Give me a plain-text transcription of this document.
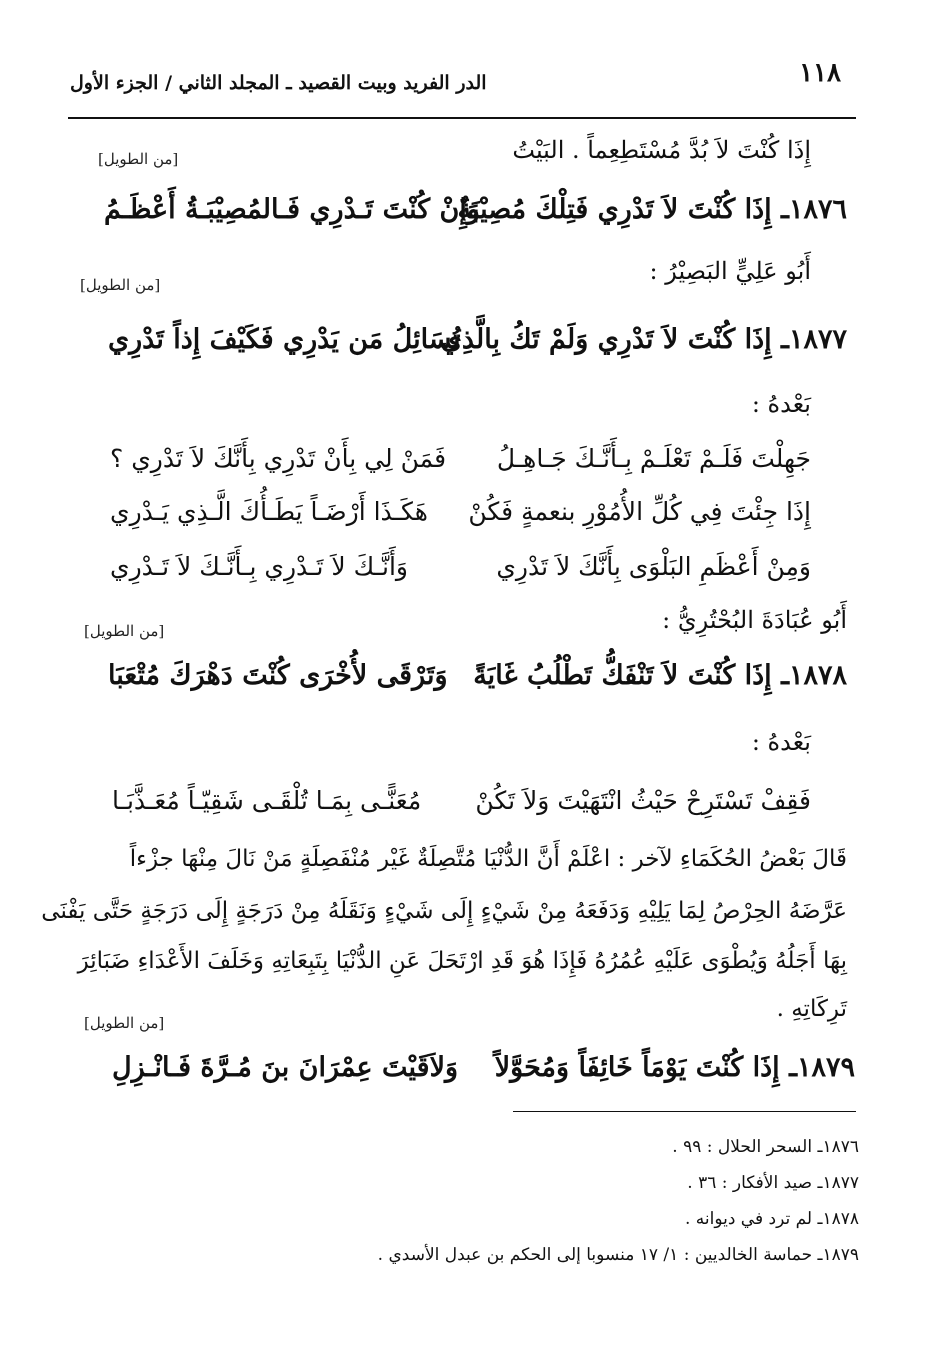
١١٨
الدر الفريد وبيت القصيد ـ المجلد الثاني / الجزء الأول
إِذَا كُنْتَ لاَ بُدَّ مُسْتَطِعِماً . البَيْتُ
[من الطويل]
١٨٧٦ـ إِذَا كُنْتَ لاَ تَدْرِي فَتِلْكَ مُصِيْبَةٌ
وَإِنْ كُنْتَ تَـدْرِي فَـالمُصِيْبَـةُ أَعْظَـمُ
أَبُو عَلِيٍّ البَصِيْرُ :
[من الطويل]
١٨٧٧ـ إِذَا كُنْتَ لاَ تَدْرِي وَلَمْ تَكُ بِالَّذِي
تُسَائِلُ مَن يَدْرِي فَكَيْفَ إِذاً تَدْرِي
بَعْدهُ :
جَهِلْتَ فَلَـمْ تَعْلَـمْ بِـأَنَّـكَ جَـاهِـلُ
فَمَنْ لِي بِأَنْ تَدْرِي بِأَنَّكَ لاَ تَدْرِي ؟
إِذَا جِئْتَ فِي كُلِّ الأُمُوْرِ بنعمةٍ فَكُنْ
هَكَـذَا أَرْضَـاً يَطَـأُكَ الَّـذِي يَـدْرِي
وَمِنْ أَعْظَمِ البَلْوَى بِأَنَّكَ لاَ تَدْرِي
وَأَنَّـكَ لاَ تَـدْرِي بِـأَنَّـكَ لاَ تَـدْرِي
أَبُو عُبَادَةَ البُحْتُرِيُّ :
[من الطويل]
١٨٧٨ـ إِذَا كُنْتَ لاَ تَنْفَكُّ تَطْلُبُ غَايَةً
وَتَرْقَى لأُخْرَى كُنْتَ دَهْرَكَ مُتْعَبَا
بَعْدهُ :
فَقِفْ تَسْتَرِحْ حَيْثُ انْتَهَيْتَ وَلاَ تَكُنْ
مُعَنًّـى بِمَـا تُلْقَـى شَقِيّـاً مُعَـذَّبَـا
قَالَ بَعْضُ الحُكَمَاءِ لآخر : اعْلَمْ أَنَّ الدُّنْيَا مُتَّصِلَةٌ غَيْر مُنْفَصِلَةٍ مَنْ نَالَ مِنْهَا جزْءاً
عَرَّضَهُ الحِرْصُ لِمَا يَلِيْهِ وَدَفَعَهُ مِنْ شَيْءٍ إِلَى شَيْءٍ وَنَقَلَهُ مِنْ دَرَجَةٍ إِلَى دَرَجَةٍ حَتَّى يَفْنَى
بِهَا أَجَلُهُ وَيُطْوَى عَلَيْهِ عُمُرُهُ فَإِذَا هُوَ قَدِ ارْتَحَلَ عَنِ الدُّنْيَا بِتَبِعَاتِهِ وَخَلَفَ الأَعْدَاءِ ضَبَائِرَ
تَرِكَاتِهِ .
[من الطويل]
١٨٧٩ـ إِذَا كُنْتَ يَوْمَاً خَائِفَاً وَمُحَوَّلاً
وَلاَقَيْتَ عِمْرَانَ بنَ مُـرَّةَ فَـانْـزِلِ
١٨٧٦ـ السحر الحلال : ٩٩ .
١٨٧٧ـ صيد الأفكار : ٣٦ .
١٨٧٨ـ لم ترد في ديوانه .
١٨٧٩ـ حماسة الخالديين : ١/ ١٧ منسوبا إلى الحكم بن عبدل الأسدي .
